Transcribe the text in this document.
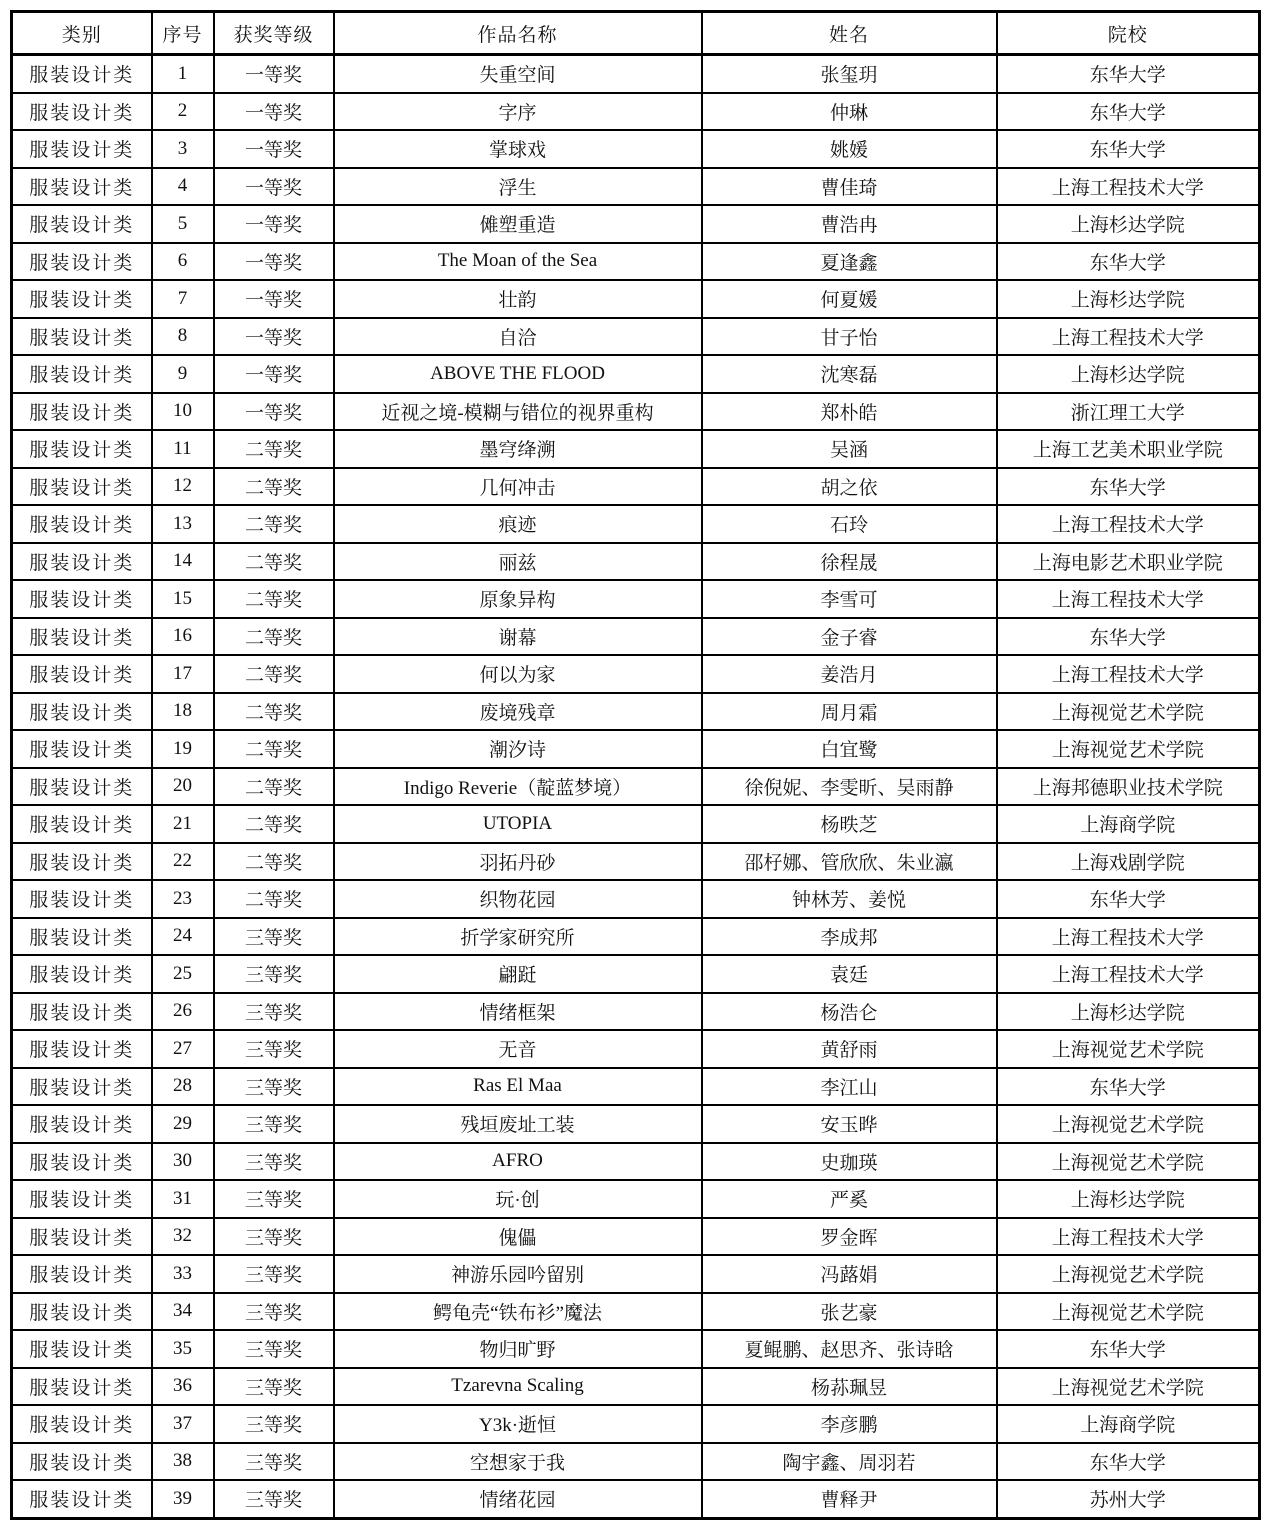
类别	序号	获奖等级	作品名称	姓名	院校
服装设计类	1	一等奖	失重空间	张玺玥	东华大学
服装设计类	2	一等奖	字序	仲琳	东华大学
服装设计类	3	一等奖	掌球戏	姚媛	东华大学
服装设计类	4	一等奖	浮生	曹佳琦	上海工程技术大学
服装设计类	5	一等奖	傩塑重造	曹浩冉	上海杉达学院
服装设计类	6	一等奖	The Moan of the Sea	夏逢鑫	东华大学
服装设计类	7	一等奖	壮韵	何夏媛	上海杉达学院
服装设计类	8	一等奖	自洽	甘子怡	上海工程技术大学
服装设计类	9	一等奖	ABOVE THE FLOOD	沈寒磊	上海杉达学院
服装设计类	10	一等奖	近视之境-模糊与错位的视界重构	郑朴皓	浙江理工大学
服装设计类	11	二等奖	墨穹绛溯	吴涵	上海工艺美术职业学院
服装设计类	12	二等奖	几何冲击	胡之依	东华大学
服装设计类	13	二等奖	痕迹	石玲	上海工程技术大学
服装设计类	14	二等奖	丽兹	徐程晟	上海电影艺术职业学院
服装设计类	15	二等奖	原象异构	李雪可	上海工程技术大学
服装设计类	16	二等奖	谢幕	金子睿	东华大学
服装设计类	17	二等奖	何以为家	姜浩月	上海工程技术大学
服装设计类	18	二等奖	废境残章	周月霜	上海视觉艺术学院
服装设计类	19	二等奖	潮汐诗	白宜鹭	上海视觉艺术学院
服装设计类	20	二等奖	Indigo Reverie（靛蓝梦境）	徐倪妮、李雯昕、吴雨静	上海邦德职业技术学院
服装设计类	21	二等奖	UTOPIA	杨昳芝	上海商学院
服装设计类	22	二等奖	羽拓丹砂	邵杍娜、管欣欣、朱业瀛	上海戏剧学院
服装设计类	23	二等奖	织物花园	钟林芳、姜悦	东华大学
服装设计类	24	三等奖	折学家研究所	李成邦	上海工程技术大学
服装设计类	25	三等奖	翩跹	袁廷	上海工程技术大学
服装设计类	26	三等奖	情绪框架	杨浩仑	上海杉达学院
服装设计类	27	三等奖	无音	黄舒雨	上海视觉艺术学院
服装设计类	28	三等奖	Ras El Maa	李江山	东华大学
服装设计类	29	三等奖	残垣废址工装	安玉晔	上海视觉艺术学院
服装设计类	30	三等奖	AFRO	史珈瑛	上海视觉艺术学院
服装设计类	31	三等奖	玩·创	严奚	上海杉达学院
服装设计类	32	三等奖	傀儡	罗金晖	上海工程技术大学
服装设计类	33	三等奖	神游乐园吟留别	冯蕗娟	上海视觉艺术学院
服装设计类	34	三等奖	鳄龟壳“铁布衫”魔法	张艺豪	上海视觉艺术学院
服装设计类	35	三等奖	物归旷野	夏鲲鹏、赵思齐、张诗晗	东华大学
服装设计类	36	三等奖	Tzarevna Scaling	杨荪珮昱	上海视觉艺术学院
服装设计类	37	三等奖	Y3k·逝恒	李彦鹏	上海商学院
服装设计类	38	三等奖	空想家于我	陶宇鑫、周羽若	东华大学
服装设计类	39	三等奖	情绪花园	曹释尹	苏州大学
